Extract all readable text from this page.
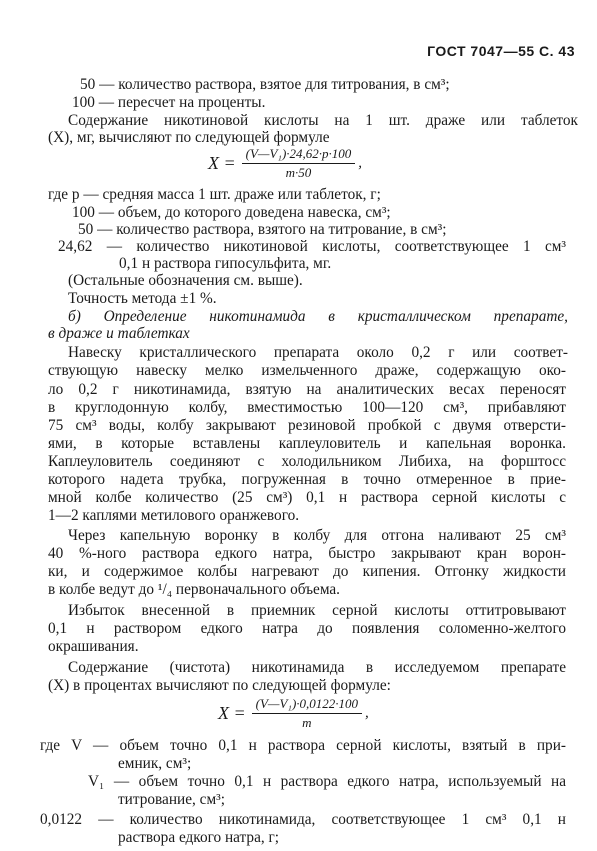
ГОСТ 7047—55 С. 43
50 — количество раствора, взятое для титрования, в см³;
100 — пересчет на проценты.
Содержание никотиновой кислоты на 1 шт. драже или таблеток
(X), мг, вычисляют по следующей формуле
$X = \frac{\text{(V—V₁)·24,62·p·100}}{m\cdot 50}$ ,
где p — средняя масса 1 шт. драже или таблеток, г;
100 — объем, до которого доведена навеска, см³;
50 — количество раствора, взятого на титрование, в см³;
24,62 — количество никотиновой кислоты, соответствующее 1 см³
0,1 н раствора гипосульфита, мг.
(Остальные обозначения см. выше).
Точность метода ±1 %.
б) Определение никотинамида в кристаллическом препарате,
в драже и таблетках
Навеску кристаллического препарата около 0,2 г или соответ-
ствующую навеску мелко измельченного драже, содержащую око-
ло 0,2 г никотинамида, взятую на аналитических весах переносят
в круглодонную колбу, вместимостью 100—120 см³, прибавляют
75 см³ воды, колбу закрывают резиновой пробкой с двумя отверсти-
ями, в которые вставлены каплеуловитель и капельная воронка.
Каплеуловитель соединяют с холодильником Либиха, на форштосс
которого надета трубка, погруженная в точно отмеренное в прие-
мной колбе количество (25 см³) 0,1 н раствора серной кислоты с
1—2 каплями метилового оранжевого.
Через капельную воронку в колбу для отгона наливают 25 см³
40 %-ного раствора едкого натра, быстро закрывают кран ворон-
ки, и содержимое колбы нагревают до кипения. Отгонку жидкости
в колбе ведут до ¹/₄ первоначального объема.
Избыток внесенной в приемник серной кислоты оттитровывают
0,1 н раствором едкого натра до появления соломенно-желтого
окрашивания.
Содержание (чистота) никотинамида в исследуемом препарате
(X) в процентах вычисляют по следующей формуле:
$X = \frac{\text{(V—V₁)·0,0122·100}}{m}$ ,
где V — объем точно 0,1 н раствора серной кислоты, взятый в при-
емник, см³;
V₁ — объем точно 0,1 н раствора едкого натра, используемый на
титрование, см³;
0,0122 — количество никотинамида, соответствующее 1 см³ 0,1 н
раствора едкого натра, г;
